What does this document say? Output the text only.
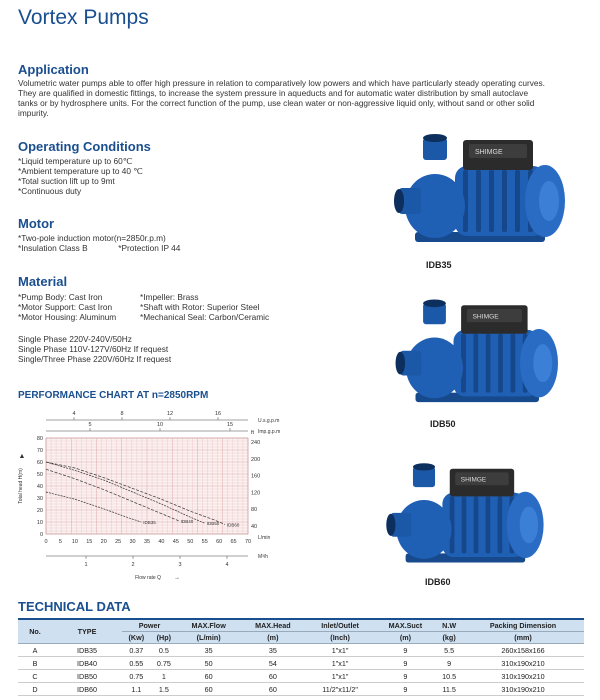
Vortex Pumps
Application
Volumetric water pumps able to offer high pressure in relation to comparatively low powers and which have particularly steady operating curves.
They are qualified in domestic fittings, to increase the system pressure in aqueducts and for automatic water distribution by small autoclave
tanks or by hydrosphere units. For the correct function of the pump, use clean water or non-aggressive liquid only, without sand or other solid
impurity.
Operating Conditions
*Liquid temperature up to 60℃
*Ambient temperature up to 40 ℃
*Total suction lift up to 9mt
*Continuous duty
Motor
*Two-pole induction motor(n=2850r.p.m)
*Insulation Class B	*Protection IP 44
Material
*Pump Body: Cast Iron
*Motor Support: Cast Iron
*Motor Housing: Aluminum
*Impeller: Brass
*Shaft with Rotor: Superior Steel
*Mechanical Seal: Carbon/Ceramic
Single Phase 220V-240V/50Hz
Single Phase 110V-127V/60Hz If request
Single/Three Phase 220V/60Hz If request
PERFORMANCE CHART AT n=2850RPM
80
70
60
50
40
30
20
10
0
240
200
160
120
80
40
ft
Total head H(m)
▲
4	8	12	16
U.s.g.p.m
5	10	15
Imp.g.p.m
0 5 10 15 20 25 30 35 40 45 50 55 60 65 70
L/min
1	2	3	4
M³/h
Flow rate Q →
IDB60
IDB50
IDB40
IDB35
SHIMGE
IDB35
SHIMGE
IDB50
SHIMGE
IDB60
TECHNICAL DATA
No.	TYPE	Power		MAX.Flow	MAX.Head	Inlet/Outlet	MAX.Suct	N.W	Packing Dimension
		(Kw)	(Hp)	(L/min)	(m)	(Inch)	(m)	(kg)	(mm)
A	IDB35	0.37	0.5	35	35	1"x1"	9	5.5	260x158x166
B	IDB40	0.55	0.75	50	54	1"x1"	9	9	310x190x210
C	IDB50	0.75	1	60	60	1"x1"	9	10.5	310x190x210
D	IDB60	1.1	1.5	60	60	11/2"x11/2"	9	11.5	310x190x210
